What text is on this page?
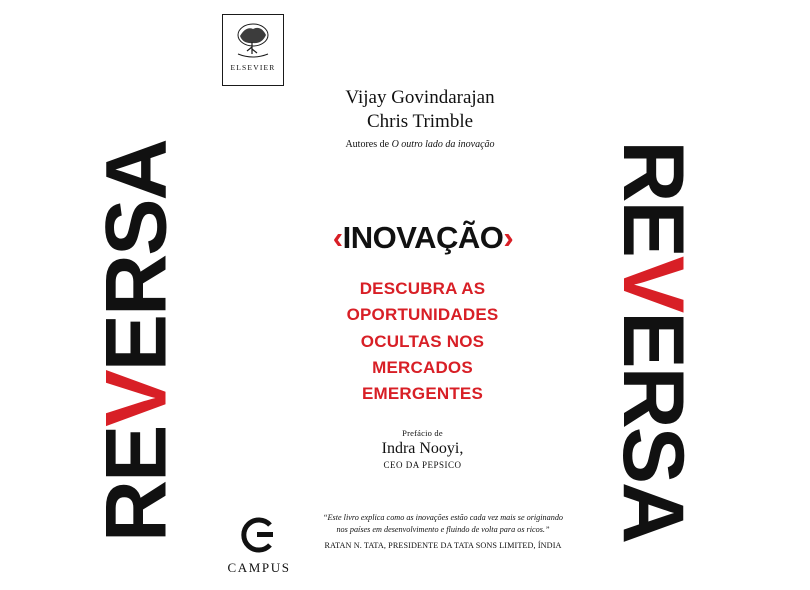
ELSEVIER
REVERSA	REVERSA
Vijay Govindarajan
Chris Trimble
Autores de O outro lado da inovação
‹INOVAÇÃO›
DESCUBRA AS
OPORTUNIDADES
OCULTAS NOS
MERCADOS
EMERGENTES
Prefácio de
Indra Nooyi,
CEO DA PEPSICO
“Este livro explica como as inovações estão cada vez mais se originando nos países em desenvolvimento e fluindo de volta para os ricos.”
RATAN N. TATA, PRESIDENTE DA TATA SONS LIMITED, ÍNDIA
CAMPUS
